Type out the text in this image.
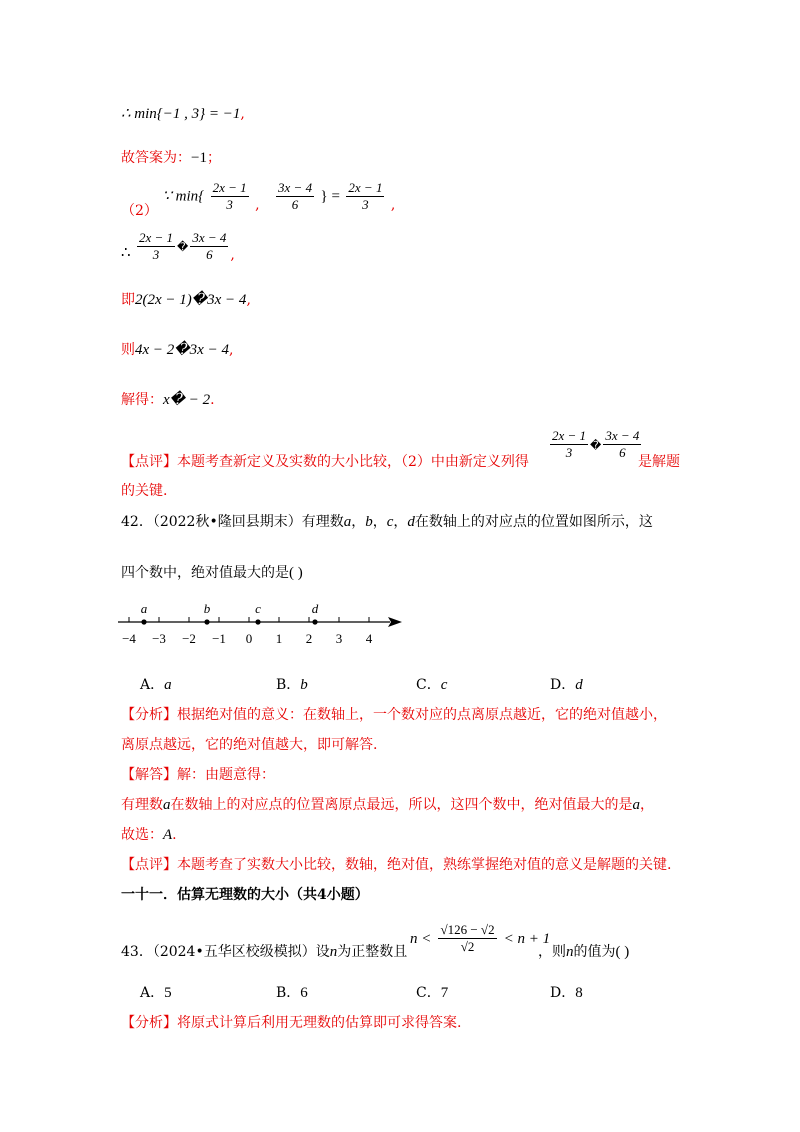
∴ min{−1 , 3} = −1,
故答案为：−1；
（2） ∵ $\min\{ \frac{2x - 1}{3}$ , $\frac{3x - 4}{6}$ } = $\frac{2x - 1}{3}$ ,
∴ $\frac{2x - 1}{3}$ � $\frac{3x - 4}{6}$ ,
即2(2x − 1)�3x − 4,
则4x − 2�3x − 4,
解得：x� − 2.
【点评】本题考查新定义及实数的大小比较，（2）中由新定义列得
$\frac{2x - 1}{3}$ � $\frac{3x - 4}{6}$
是解题
的关键.
42．（2022秋•隆回县期末）有理数a，b，c，d在数轴上的对应点的位置如图所示，这
四个数中，绝对值最大的是( )
−4 −3 −2 −1 0 1 2 3 4
a	b	c	d
A．a	B．b	C．c	D．d
【分析】根据绝对值的意义：在数轴上，一个数对应的点离原点越近，它的绝对值越小，
离原点越远，它的绝对值越大，即可解答.
【解答】解：由题意得：
有理数a在数轴上的对应点的位置离原点最远，所以，这四个数中，绝对值最大的是a，
故选：A.
【点评】本题考查了实数大小比较，数轴，绝对值，熟练掌握绝对值的意义是解题的关键.
一十一．估算无理数的大小（共4小题）
43．（2024•五华区校级模拟）设n为正整数且
$n < \frac{√126 - √2}{√2} < n + 1$
，则n的值为( )
A．5	B．6	C．7	D．8
【分析】将原式计算后利用无理数的估算即可求得答案.
